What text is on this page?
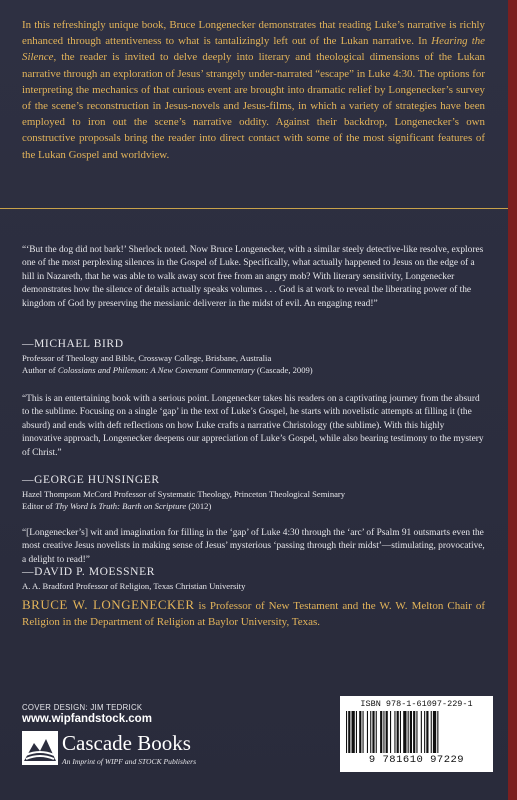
In this refreshingly unique book, Bruce Longenecker demonstrates that reading Luke’s narrative is richly enhanced through attentiveness to what is tantalizingly left out of the Lukan narrative. In Hearing the Silence, the reader is invited to delve deeply into literary and theological dimensions of the Lukan narrative through an exploration of Jesus’ strangely under-narrated “escape” in Luke 4:30. The options for interpreting the mechanics of that curious event are brought into dramatic relief by Longenecker’s survey of the scene’s reconstruction in Jesus-novels and Jesus-films, in which a variety of strategies have been employed to iron out the scene’s narrative oddity. Against their backdrop, Longenecker’s own constructive proposals bring the reader into direct contact with some of the most significant features of the Lukan Gospel and worldview.

“‘But the dog did not bark!’ Sherlock noted. Now Bruce Longenecker, with a similar steely detective-like resolve, explores one of the most perplexing silences in the Gospel of Luke. Specifically, what actually happened to Jesus on the edge of a hill in Nazareth, that he was able to walk away scot free from an angry mob? With literary sensitivity, Longenecker demonstrates how the silence of details actually speaks volumes . . . God is at work to reveal the liberating power of the kingdom of God by preserving the messianic deliverer in the midst of evil. An engaging read!”

—MICHAEL BIRD
Professor of Theology and Bible, Crossway College, Brisbane, Australia
Author of Colossians and Philemon: A New Covenant Commentary (Cascade, 2009)

“This is an entertaining book with a serious point. Longenecker takes his readers on a captivating journey from the absurd to the sublime. Focusing on a single ‘gap’ in the text of Luke’s Gospel, he starts with novelistic attempts at filling it (the absurd) and ends with deft reflections on how Luke crafts a narrative Christology (the sublime). With this highly innovative approach, Longenecker deepens our appreciation of Luke’s Gospel, while also bearing testimony to the mystery of Christ.”

—GEORGE HUNSINGER
Hazel Thompson McCord Professor of Systematic Theology, Princeton Theological Seminary
Editor of Thy Word Is Truth: Barth on Scripture (2012)

“[Longenecker’s] wit and imagination for filling in the ‘gap’ of Luke 4:30 through the ‘arc’ of Psalm 91 outsmarts even the most creative Jesus novelists in making sense of Jesus’ mysterious ‘passing through their midst’—stimulating, provocative, a delight to read!”

—DAVID P. MOESSNER
A. A. Bradford Professor of Religion, Texas Christian University

BRUCE W. LONGENECKER is Professor of New Testament and the W. W. Melton Chair of Religion in the Department of Religion at Baylor University, Texas.

COVER DESIGN: JIM TEDRICK
www.wipfandstock.com
Cascade Books
An Imprint of WIPF and STOCK Publishers
ISBN 978-1-61097-229-1
9 781610 97229
